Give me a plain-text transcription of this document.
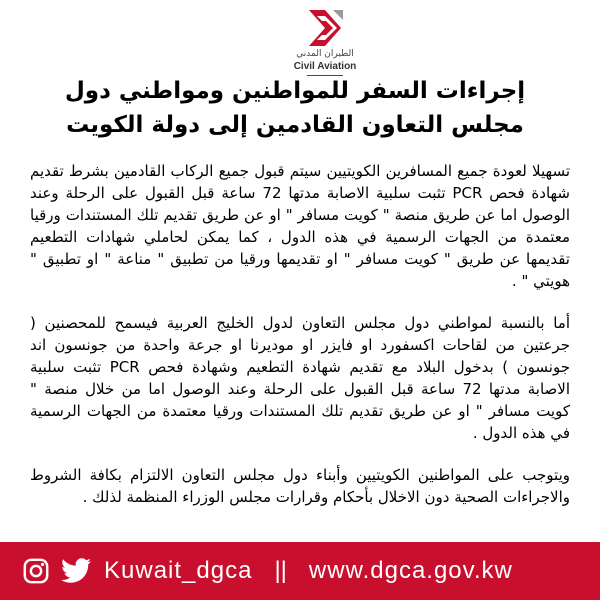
الطيران المدني
Civil Aviation
إجراءات السفر للمواطنين ومواطني دول مجلس التعاون القادمين إلى دولة الكويت

تسهيلا لعودة جميع المسافرين الكويتيين سيتم قبول جميع الركاب القادمين بشرط تقديم شهادة فحص PCR تثبت سلبية الاصابة مدتها 72 ساعة قبل القبول على الرحلة وعند الوصول اما عن طريق منصة " كويت مسافر " او عن طريق تقديم تلك المستندات ورقيا معتمدة من الجهات الرسمية في هذه الدول ، كما يمكن لحاملي شهادات التطعيم تقديمها عن طريق " كويت مسافر " او تقديمها ورقيا من تطبيق " مناعة " او تطبيق " هويتي " .

أما بالنسبة لمواطني دول مجلس التعاون لدول الخليج العربية فيسمح للمحصنين ( جرعتين من لقاحات اكسفورد او فايزر او موديرنا او جرعة واحدة من جونسون اند جونسون ) بدخول البلاد مع تقديم شهادة التطعيم وشهادة فحص PCR تثبت سلبية الاصابة مدتها 72 ساعة قبل القبول على الرحلة وعند الوصول اما من خلال منصة " كويت مسافر " او عن طريق تقديم تلك المستندات ورقيا معتمدة من الجهات الرسمية في هذه الدول .

ويتوجب على المواطنين الكويتيين وأبناء دول مجلس التعاون الالتزام بكافة الشروط والاجراءات الصحية دون الاخلال بأحكام وقرارات مجلس الوزراء المنظمة لذلك .

Kuwait_dgca || www.dgca.gov.kw
